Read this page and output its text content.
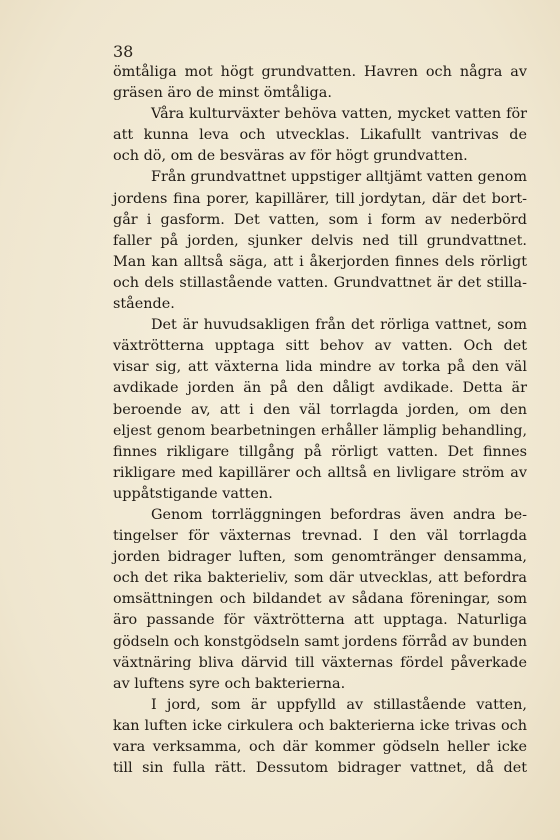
38
ömtåliga mot högt grundvatten. Havren och några av
gräsen äro de minst ömtåliga.
Våra kulturväxter behöva vatten, mycket vatten för
att kunna leva och utvecklas. Likafullt vantrivas de
och dö, om de besväras av för högt grundvatten.
Från grundvattnet uppstiger alltjämt vatten genom
jordens fina porer, kapillärer, till jordytan, där det bort-
går i gasform. Det vatten, som i form av nederbörd
faller på jorden, sjunker delvis ned till grundvattnet.
Man kan alltså säga, att i åkerjorden finnes dels rörligt
och dels stillastående vatten. Grundvattnet är det stilla-
stående.
Det är huvudsakligen från det rörliga vattnet, som
växtrötterna upptaga sitt behov av vatten. Och det
visar sig, att växterna lida mindre av torka på den väl
avdikade jorden än på den dåligt avdikade. Detta är
beroende av, att i den väl torrlagda jorden, om den
eljest genom bearbetningen erhåller lämplig behandling,
finnes rikligare tillgång på rörligt vatten. Det finnes
rikligare med kapillärer och alltså en livligare ström av
uppåtstigande vatten.
Genom torrläggningen befordras även andra be-
tingelser för växternas trevnad. I den väl torrlagda
jorden bidrager luften, som genomtränger densamma,
och det rika bakterieliv, som där utvecklas, att befordra
omsättningen och bildandet av sådana föreningar, som
äro passande för växtrötterna att upptaga. Naturliga
gödseln och konstgödseln samt jordens förråd av bunden
växtnäring bliva därvid till växternas fördel påverkade
av luftens syre och bakterierna.
I jord, som är uppfylld av stillastående vatten,
kan luften icke cirkulera och bakterierna icke trivas och
vara verksamma, och där kommer gödseln heller icke
till sin fulla rätt. Dessutom bidrager vattnet, då det
